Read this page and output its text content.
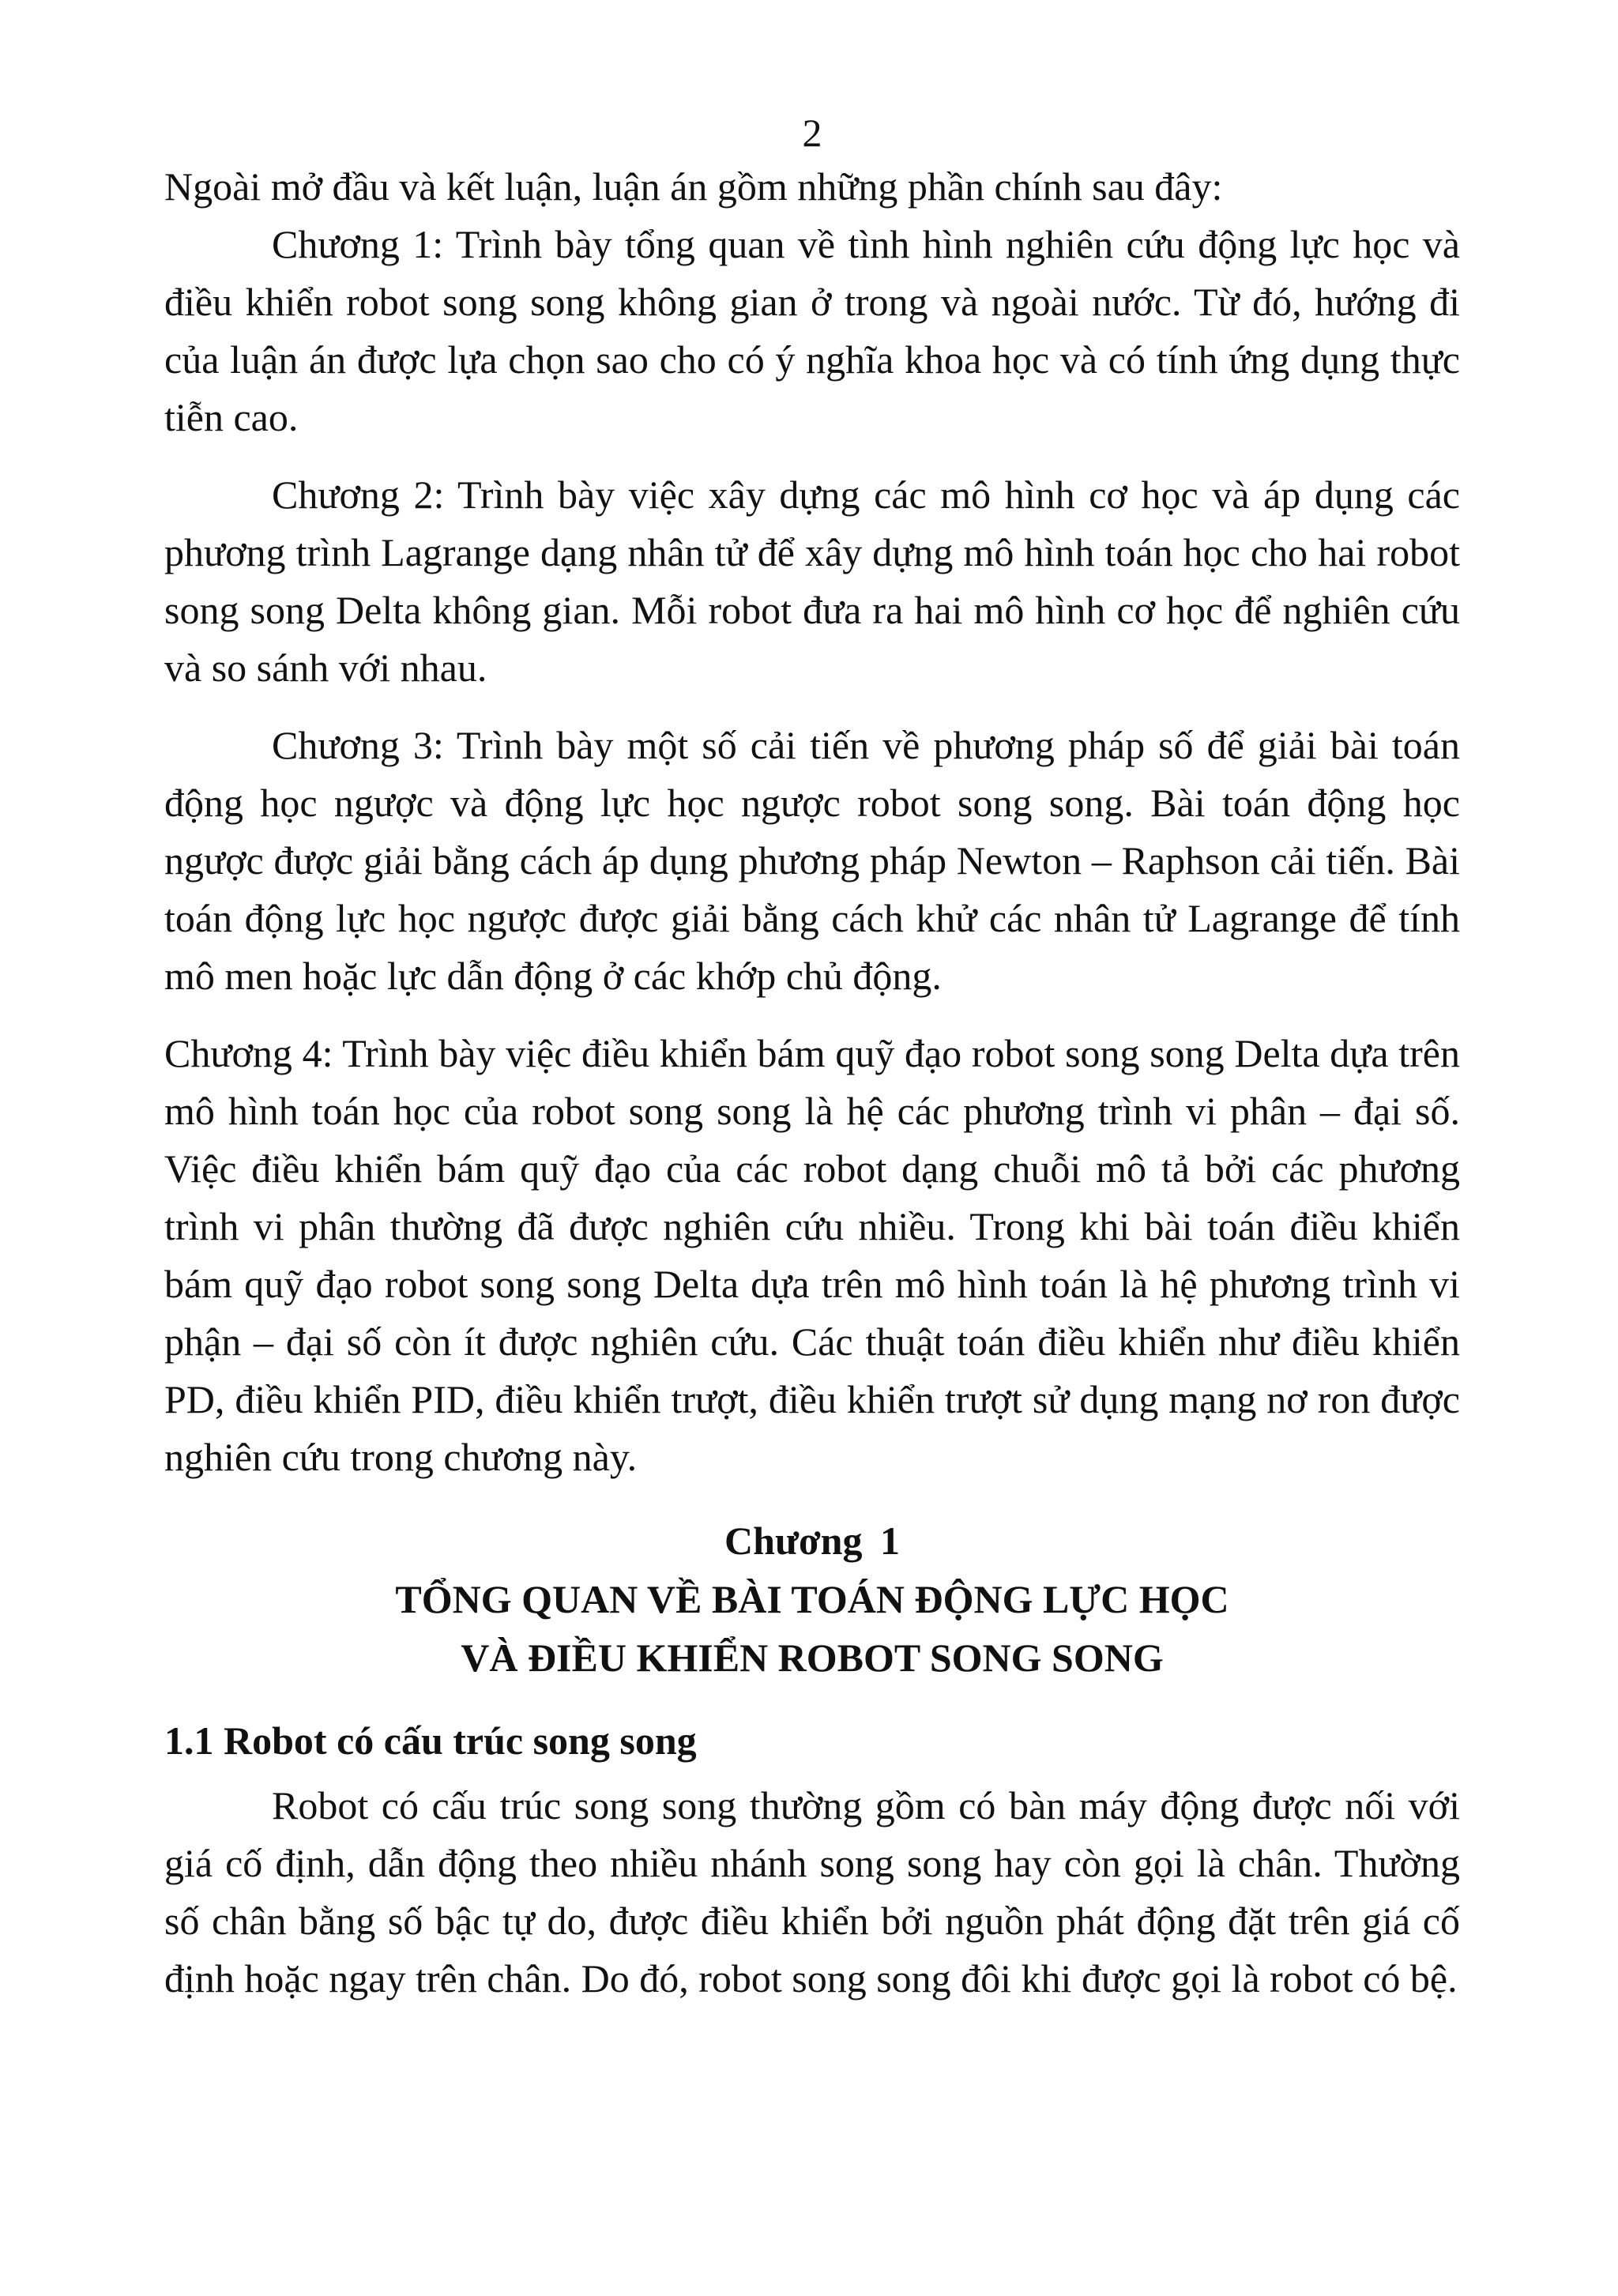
2

Ngoài mở đầu và kết luận, luận án gồm những phần chính sau đây:

Chương 1: Trình bày tổng quan về tình hình nghiên cứu động lực học và điều khiển robot song song không gian ở trong và ngoài nước. Từ đó, hướng đi của luận án được lựa chọn sao cho có ý nghĩa khoa học và có tính ứng dụng thực tiễn cao.

Chương 2: Trình bày việc xây dựng các mô hình cơ học và áp dụng các phương trình Lagrange dạng nhân tử để xây dựng mô hình toán học cho hai robot song song Delta không gian. Mỗi robot đưa ra hai mô hình cơ học để nghiên cứu và so sánh với nhau.

Chương 3: Trình bày một số cải tiến về phương pháp số để giải bài toán động học ngược và động lực học ngược robot song song. Bài toán động học ngược được giải bằng cách áp dụng phương pháp Newton – Raphson cải tiến. Bài toán động lực học ngược được giải bằng cách khử các nhân tử Lagrange để tính mô men hoặc lực dẫn động ở các khớp chủ động.

Chương 4: Trình bày việc điều khiển bám quỹ đạo robot song song Delta dựa trên mô hình toán học của robot song song là hệ các phương trình vi phân – đại số. Việc điều khiển bám quỹ đạo của các robot dạng chuỗi mô tả bởi các phương trình vi phân thường đã được nghiên cứu nhiều. Trong khi bài toán điều khiển bám quỹ đạo robot song song Delta dựa trên mô hình toán là hệ phương trình vi phận – đại số còn ít được nghiên cứu. Các thuật toán điều khiển như điều khiển PD, điều khiển PID, điều khiển trượt, điều khiển trượt sử dụng mạng nơ ron được nghiên cứu trong chương này.

Chương 1
TỔNG QUAN VỀ BÀI TOÁN ĐỘNG LỰC HỌC
VÀ ĐIỀU KHIỂN ROBOT SONG SONG
1.1 Robot có cấu trúc song song

Robot có cấu trúc song song thường gồm có bàn máy động được nối với giá cố định, dẫn động theo nhiều nhánh song song hay còn gọi là chân. Thường số chân bằng số bậc tự do, được điều khiển bởi nguồn phát động đặt trên giá cố định hoặc ngay trên chân. Do đó, robot song song đôi khi được gọi là robot có bệ.
